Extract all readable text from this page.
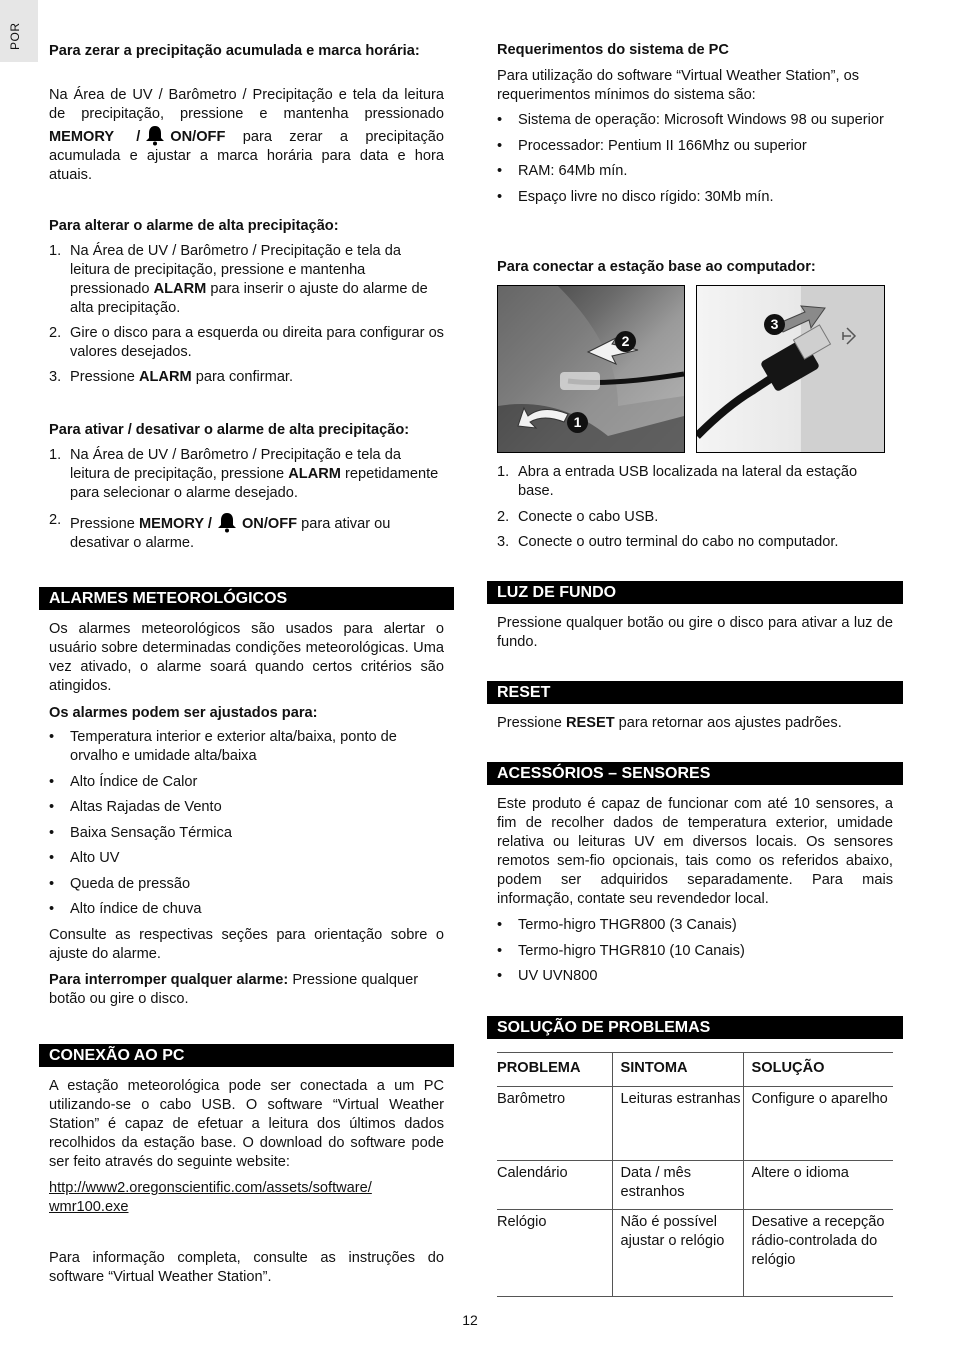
POR

Para zerar a precipitação acumulada e marca horária:

Na Área de UV / Barômetro / Precipitação e tela da leitura de precipitação, pressione e mantenha pressionado MEMORY / ON/OFF para zerar a precipitação acumulada e ajustar a marca horária para data e hora atuais.

Para alterar o alarme de alta precipitação:

1. Na Área de UV / Barômetro / Precipitação e tela da leitura de precipitação, pressione e mantenha pressionado ALARM para inserir o ajuste do alarme de alta precipitação.
2. Gire o disco para a esquerda ou direita para configurar os valores desejados.
3. Pressione ALARM para confirmar.

Para ativar / desativar o alarme de alta precipitação:

1. Na Área de UV / Barômetro / Precipitação e tela da leitura de precipitação, pressione ALARM repetidamente para selecionar o alarme desejado.
2. Pressione MEMORY / ON/OFF para ativar ou desativar o alarme.
ALARMES METEOROLÓGICOS

Os alarmes meteorológicos são usados para alertar o usuário sobre determinadas condições meteorológicas. Uma vez ativado, o alarme soará quando certos critérios são atingidos.

Os alarmes podem ser ajustados para:

• Temperatura interior e exterior alta/baixa, ponto de orvalho e umidade alta/baixa
• Alto Índice de Calor
• Altas Rajadas de Vento
• Baixa Sensação Térmica
• Alto UV
• Queda de pressão
• Alto índice de chuva

Consulte as respectivas seções para orientação sobre o ajuste do alarme.

Para interromper qualquer alarme: Pressione qualquer botão ou gire o disco.

CONEXÃO AO PC

A estação meteorológica pode ser conectada a um PC utilizando-se o cabo USB. O software “Virtual Weather Station” é capaz de efetuar a leitura dos últimos dados recolhidos da estação base. O download do software pode ser feito através do seguinte website:

http://www2.oregonscientific.com/assets/software/
wmr100.exe

Para informação completa, consulte as instruções do software “Virtual Weather Station”.

Requerimentos do sistema de PC

Para utilização do software “Virtual Weather Station”, os requerimentos mínimos do sistema são:

• Sistema de operação: Microsoft Windows 98 ou superior
• Processador: Pentium II 166Mhz ou superior
• RAM: 64Mb mín.
• Espaço livre no disco rígido: 30Mb mín.

Para conectar a estação base ao computador:

2
1
3
1. Abra a entrada USB localizada na lateral da estação base.
2. Conecte o cabo USB.
3. Conecte o outro terminal do cabo no computador.
LUZ DE FUNDO

Pressione qualquer botão ou gire o disco para ativar a luz de fundo.

RESET

Pressione RESET para retornar aos ajustes padrões.

ACESSÓRIOS – SENSORES

Este produto é capaz de funcionar com até 10 sensores, a fim de recolher dados de temperatura exterior, umidade relativa ou leituras UV em diversos locais. Os sensores remotos sem-fio opcionais, tais como os referidos abaixo, podem ser adquiridos separadamente. Para mais informação, contate seu revendedor local.

• Termo-higro THGR800 (3 Canais)
• Termo-higro THGR810 (10 Canais)
• UV UVN800
SOLUÇÃO DE PROBLEMAS
PROBLEMA	SINTOMA	SOLUÇÃO
Barômetro	Leituras estranhas	Configure o aparelho
Calendário	Data / mês estranhos	Altere o idioma
Relógio	Não é possível ajustar o relógio	Desative a recepção rádio-controlada do relógio
12
